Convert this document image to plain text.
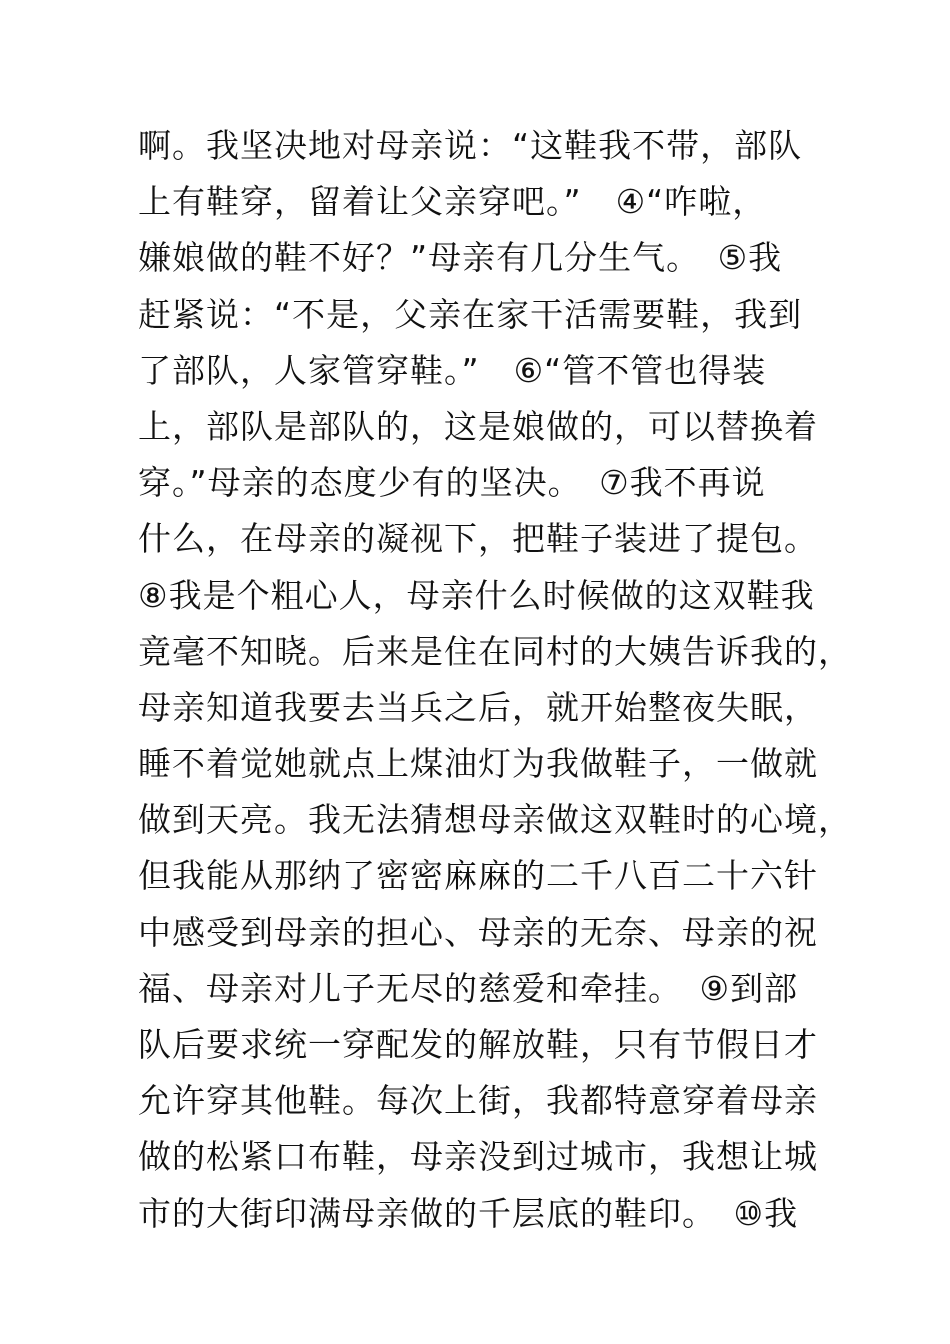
啊。我坚决地对母亲说：“这鞋我不带，部队
上有鞋穿，留着让父亲穿吧。”　④“咋啦，
嫌娘做的鞋不好？”母亲有几分生气。　⑤我
赶紧说：“不是，父亲在家干活需要鞋，我到
了部队，人家管穿鞋。”　⑥“管不管也得装
上，部队是部队的，这是娘做的，可以替换着
穿。”母亲的态度少有的坚决。　⑦我不再说
什么，在母亲的凝视下，把鞋子装进了提包。
⑧我是个粗心人，母亲什么时候做的这双鞋我
竟毫不知晓。后来是住在同村的大姨告诉我的，
母亲知道我要去当兵之后，就开始整夜失眠，
睡不着觉她就点上煤油灯为我做鞋子，一做就
做到天亮。我无法猜想母亲做这双鞋时的心境，
但我能从那纳了密密麻麻的二千八百二十六针
中感受到母亲的担心、母亲的无奈、母亲的祝
福、母亲对儿子无尽的慈爱和牵挂。　⑨到部
队后要求统一穿配发的解放鞋，只有节假日才
允许穿其他鞋。每次上街，我都特意穿着母亲
做的松紧口布鞋，母亲没到过城市，我想让城
市的大街印满母亲做的千层底的鞋印。　⑩我
